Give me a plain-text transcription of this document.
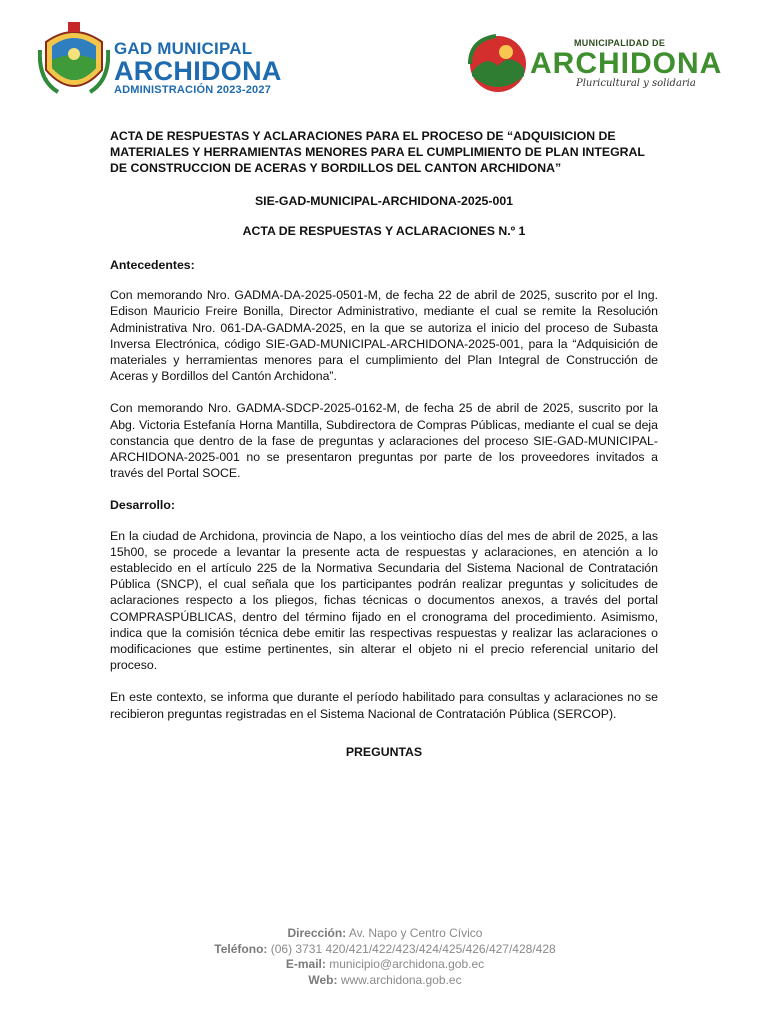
GAD MUNICIPAL
ARCHIDONA
ADMINISTRACIÓN 2023-2027
MUNICIPALIDAD DE
ARCHIDONA
Pluricultural y solidaria

ACTA DE RESPUESTAS Y ACLARACIONES PARA EL PROCESO DE “ADQUISICION DE MATERIALES Y HERRAMIENTAS MENORES PARA EL CUMPLIMIENTO DE PLAN INTEGRAL DE CONSTRUCCION DE ACERAS Y BORDILLOS DEL CANTON ARCHIDONA”

SIE-GAD-MUNICIPAL-ARCHIDONA-2025-001

ACTA DE RESPUESTAS Y ACLARACIONES N.º 1

Antecedentes:

Con memorando Nro. GADMA-DA-2025-0501-M, de fecha 22 de abril de 2025, suscrito por el Ing. Edison Mauricio Freire Bonilla, Director Administrativo, mediante el cual se remite la Resolución Administrativa Nro. 061-DA-GADMA-2025, en la que se autoriza el inicio del proceso de Subasta Inversa Electrónica, código SIE-GAD-MUNICIPAL-ARCHIDONA-2025-001, para la “Adquisición de materiales y herramientas menores para el cumplimiento del Plan Integral de Construcción de Aceras y Bordillos del Cantón Archidona”.

Con memorando Nro. GADMA-SDCP-2025-0162-M, de fecha 25 de abril de 2025, suscrito por la Abg. Victoria Estefanía Horna Mantilla, Subdirectora de Compras Públicas, mediante el cual se deja constancia que dentro de la fase de preguntas y aclaraciones del proceso SIE-GAD-MUNICIPAL-ARCHIDONA-2025-001 no se presentaron preguntas por parte de los proveedores invitados a través del Portal SOCE.

Desarrollo:

En la ciudad de Archidona, provincia de Napo, a los veintiocho días del mes de abril de 2025, a las 15h00, se procede a levantar la presente acta de respuestas y aclaraciones, en atención a lo establecido en el artículo 225 de la Normativa Secundaria del Sistema Nacional de Contratación Pública (SNCP), el cual señala que los participantes podrán realizar preguntas y solicitudes de aclaraciones respecto a los pliegos, fichas técnicas o documentos anexos, a través del portal COMPRASPÚBLICAS, dentro del término fijado en el cronograma del procedimiento. Asimismo, indica que la comisión técnica debe emitir las respectivas respuestas y realizar las aclaraciones o modificaciones que estime pertinentes, sin alterar el objeto ni el precio referencial unitario del proceso.

En este contexto, se informa que durante el período habilitado para consultas y aclaraciones no se recibieron preguntas registradas en el Sistema Nacional de Contratación Pública (SERCOP).

PREGUNTAS

Dirección: Av. Napo y Centro Cívico
Teléfono: (06) 3731 420/421/422/423/424/425/426/427/428/428
E-mail: municipio@archidona.gob.ec
Web: www.archidona.gob.ec
